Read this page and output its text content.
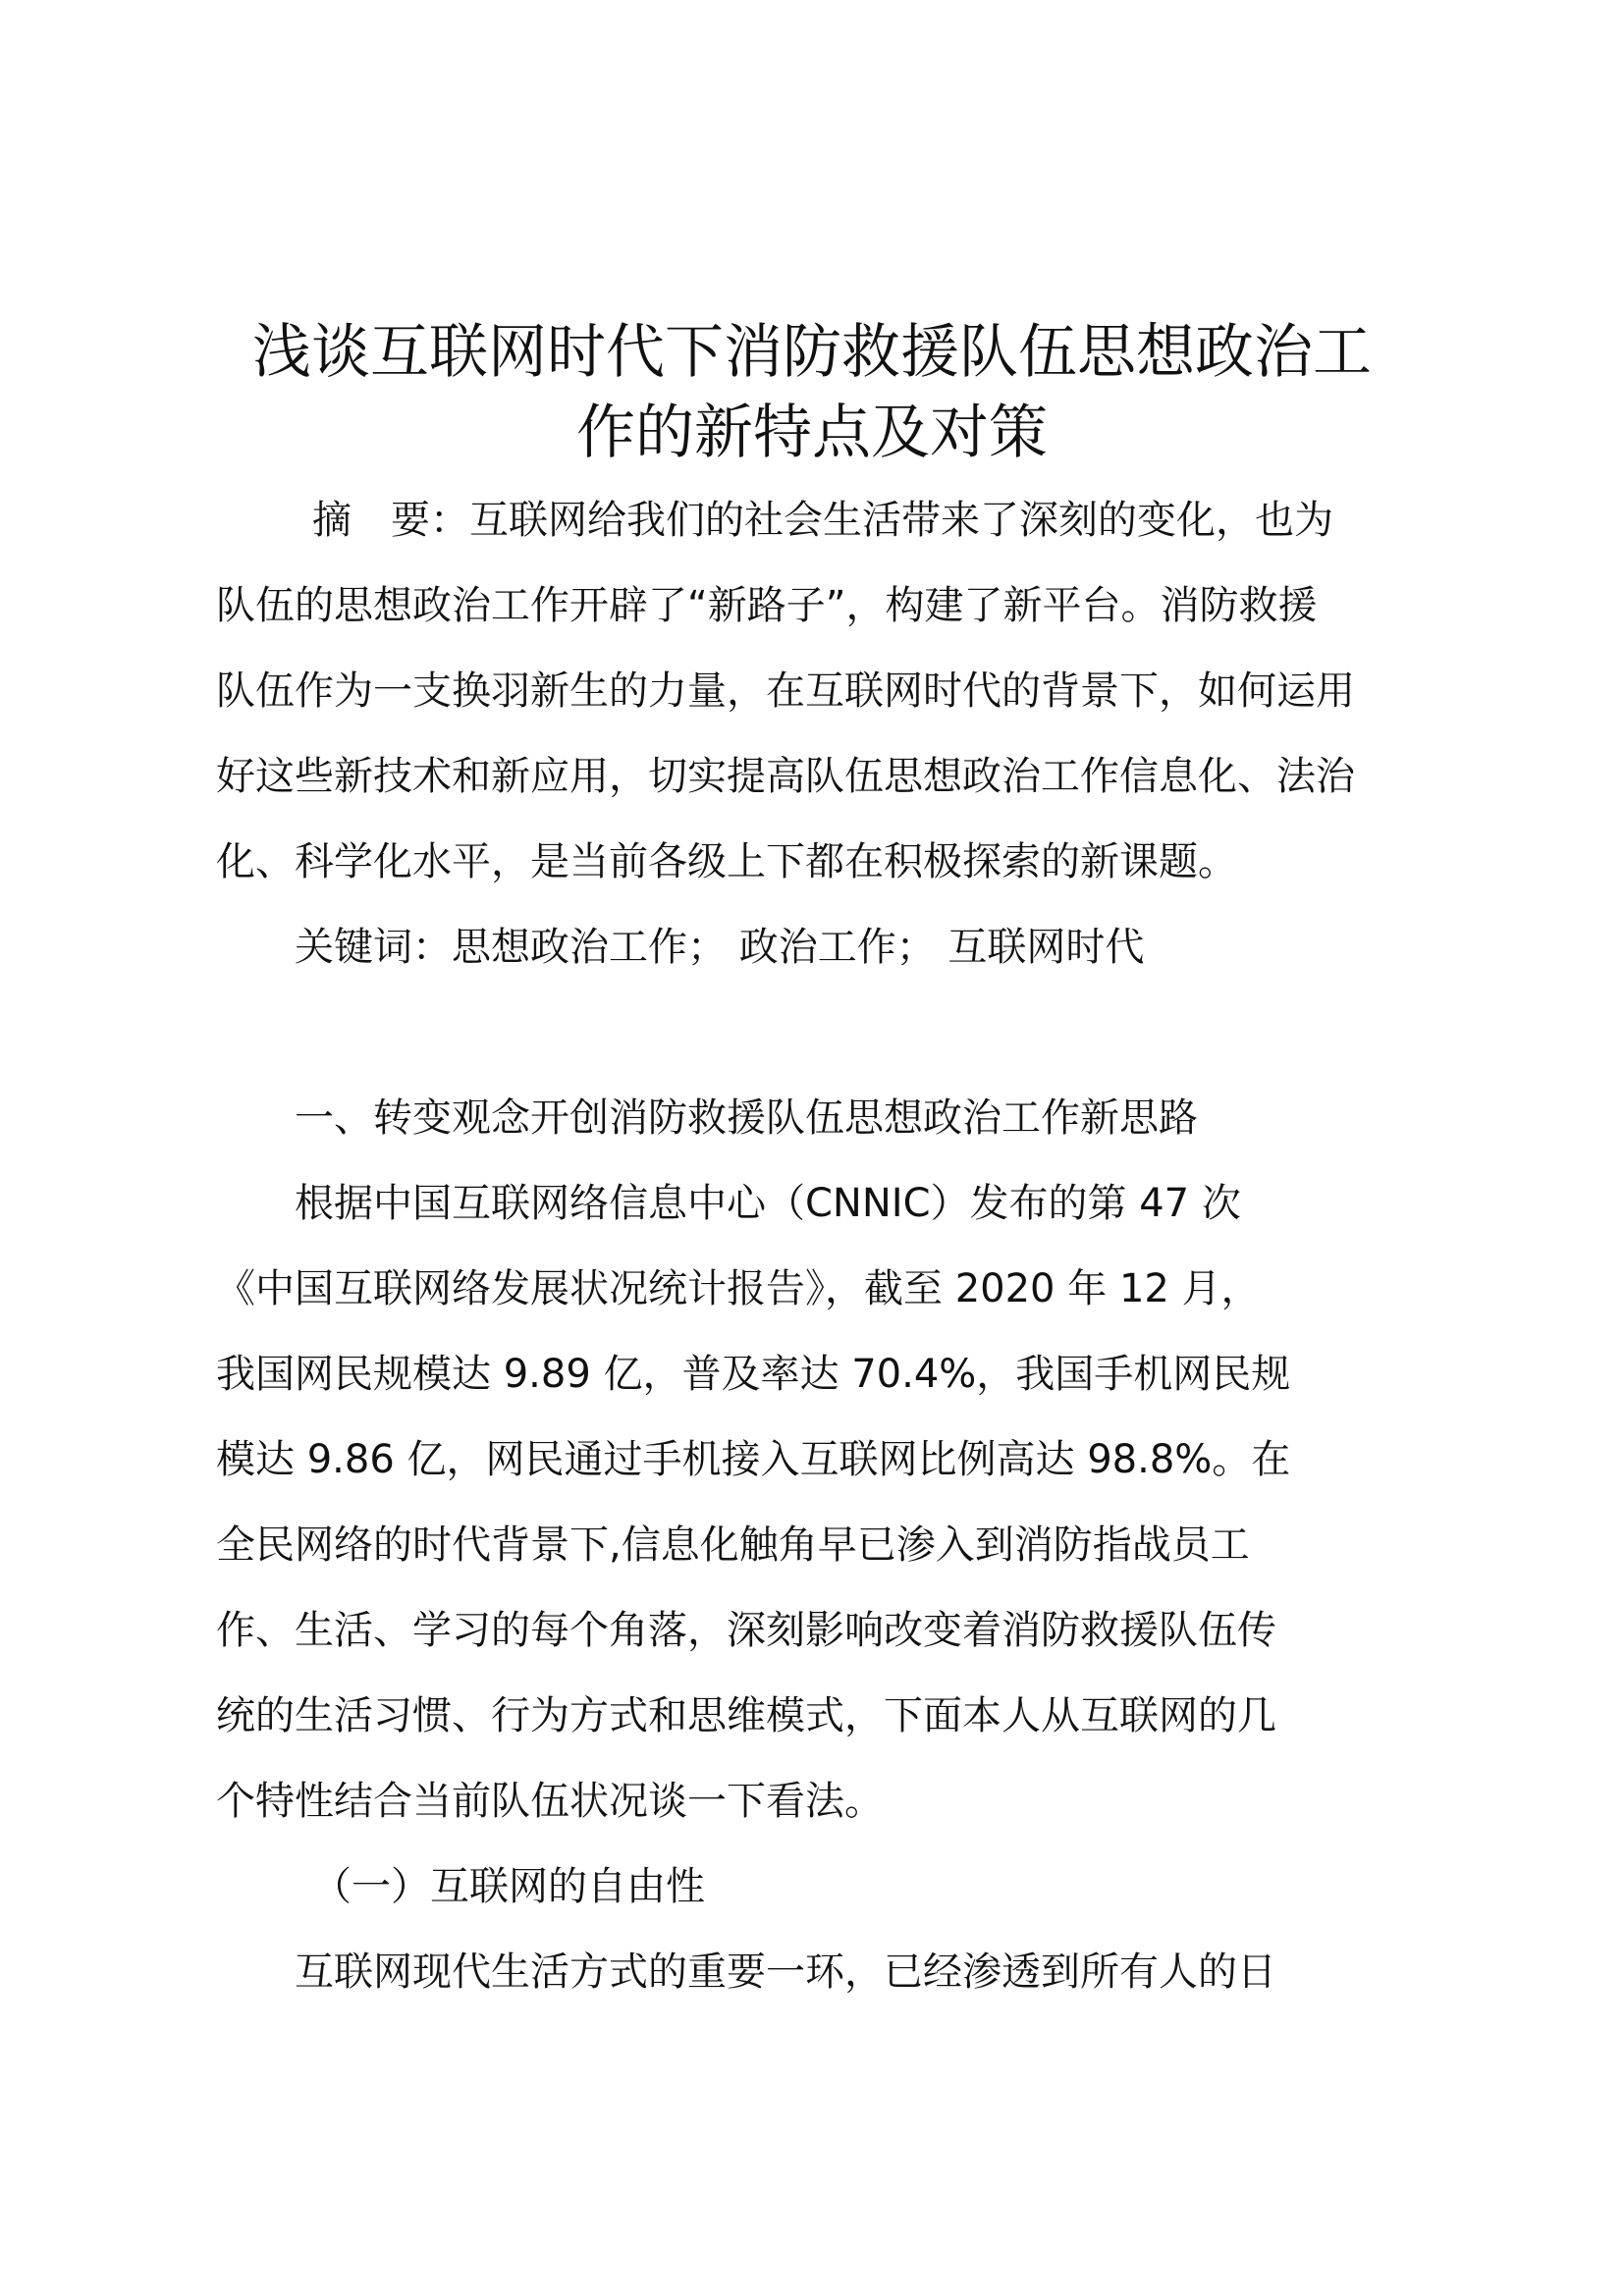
浅谈互联网时代下消防救援队伍思想政治工
作的新特点及对策

摘　要：互联网给我们的社会生活带来了深刻的变化，也为

队伍的思想政治工作开辟了“新路子”，构建了新平台。消防救援

队伍作为一支换羽新生的力量，在互联网时代的背景下，如何运用

好这些新技术和新应用，切实提高队伍思想政治工作信息化、法治

化、科学化水平，是当前各级上下都在积极探索的新课题。

关键词：思想政治工作； 政治工作； 互联网时代

一、转变观念开创消防救援队伍思想政治工作新思路

根据中国互联网络信息中心（CNNIC）发布的第 47 次

《中国互联网络发展状况统计报告》，截至 2020 年 12 月，

我国网民规模达 9.89 亿，普及率达 70.4%，我国手机网民规

模达 9.86 亿，网民通过手机接入互联网比例高达 98.8%。在

全民网络的时代背景下,信息化触角早已渗入到消防指战员工

作、生活、学习的每个角落，深刻影响改变着消防救援队伍传

统的生活习惯、行为方式和思维模式，下面本人从互联网的几

个特性结合当前队伍状况谈一下看法。

（一）互联网的自由性

互联网现代生活方式的重要一环，已经渗透到所有人的日
